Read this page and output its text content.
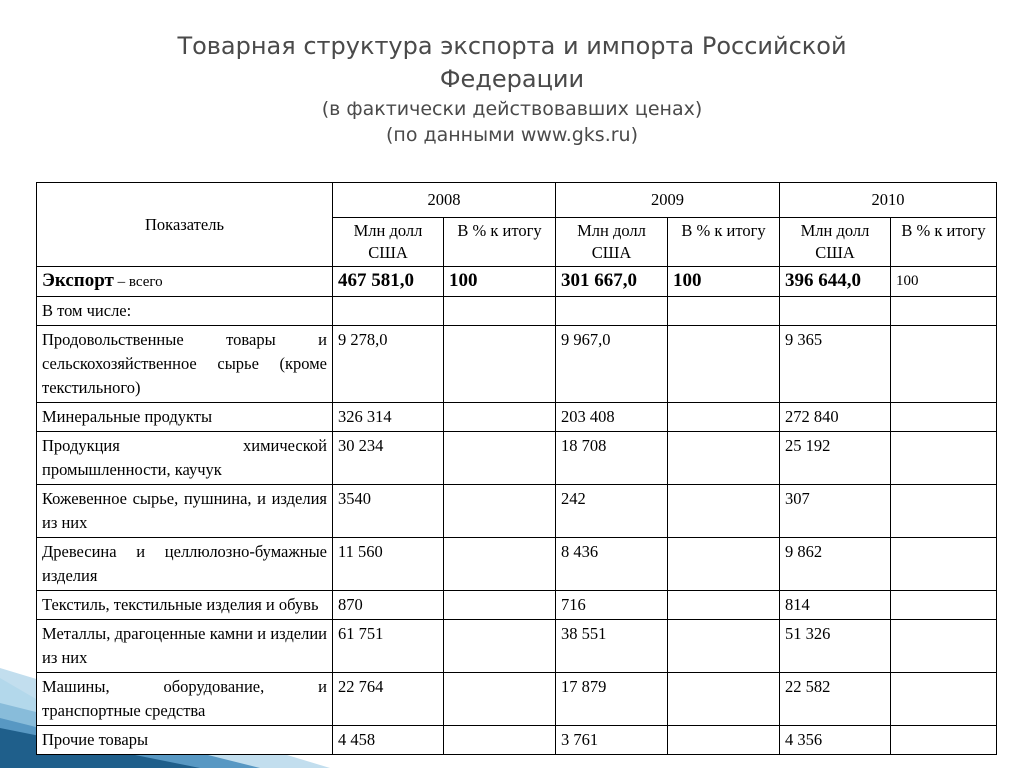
Товарная структура экспорта и импорта Российской Федерации
(в фактически действовавших ценах)
(по данными www.gks.ru)
Показатель	2008		2009		2010	
	Млн долл США	В % к итогу	Млн долл США	В % к итогу	Млн долл США	В % к итогу
Экспорт – всего	467 581,0	100	301 667,0	100	396 644,0	100
В том числе:						
Продовольственные товары и сельскохозяйственное сырье (кроме текстильного)	9 278,0		9 967,0		9 365	
Минеральные продукты	326 314		203 408		272 840	
Продукция химической промышленности, каучук	30 234		18 708		25 192	
Кожевенное сырье, пушнина, и изделия из них	3540		242		307	
Древесина и целлюлозно-бумажные изделия	11 560		8 436		9 862	
Текстиль, текстильные изделия и обувь	870		716		814	
Металлы, драгоценные камни и изделии из них	61 751		38 551		51 326	
Машины, оборудование, и транспортные средства	22 764		17 879		22 582	
Прочие товары	4 458		3 761		4 356	
